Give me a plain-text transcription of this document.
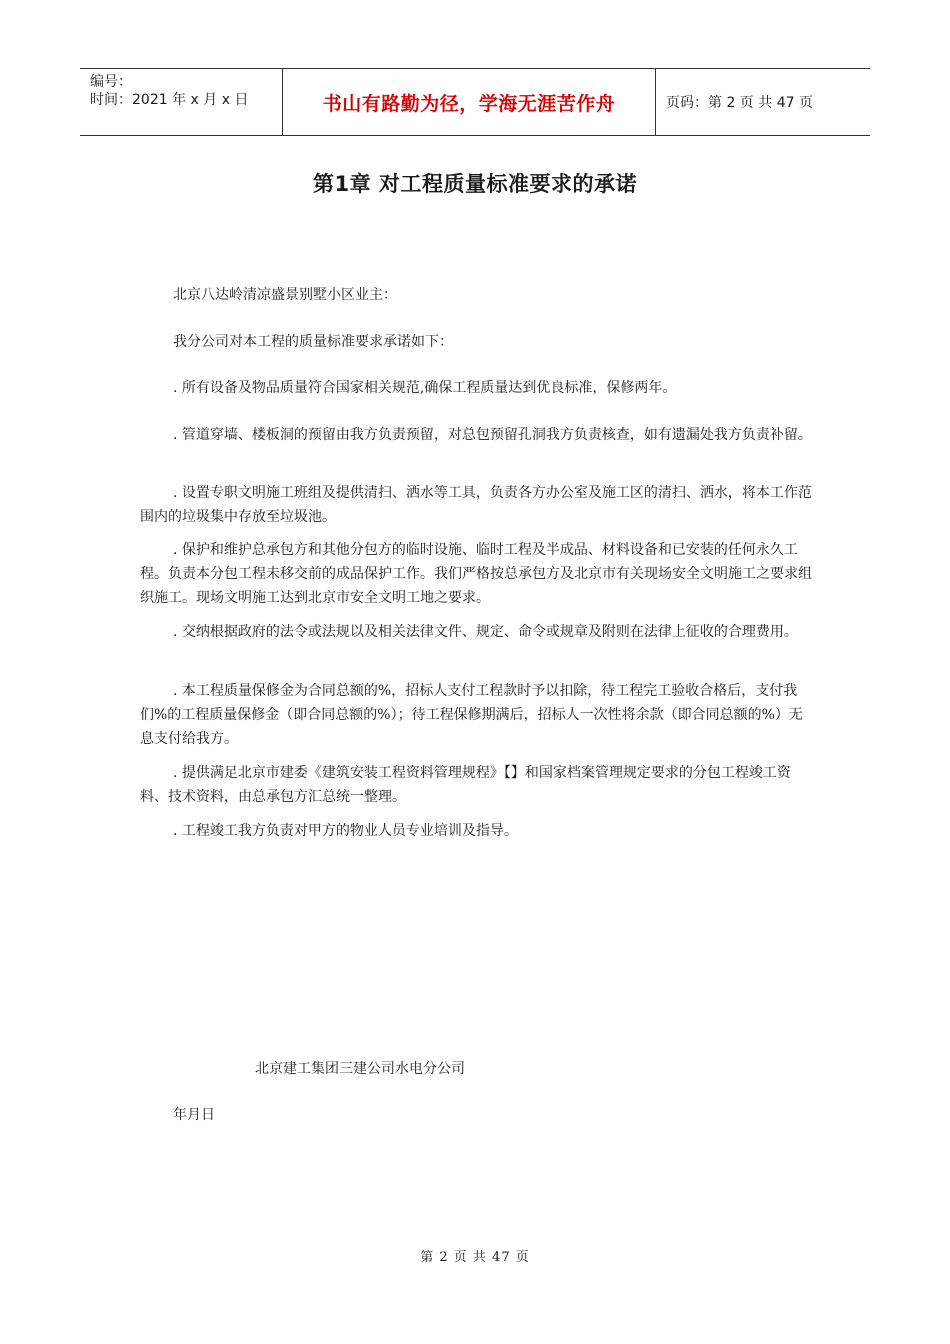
编号：
时间：2021 年 x 月 x 日	书山有路勤为径，学海无涯苦作舟	页码：第 2 页 共 47 页
第1章 对工程质量标准要求的承诺
北京八达岭清凉盛景别墅小区业主：
我分公司对本工程的质量标准要求承诺如下：
. 所有设备及物品质量符合国家相关规范,确保工程质量达到优良标准，保修两年。
. 管道穿墙、楼板洞的预留由我方负责预留，对总包预留孔洞我方负责核查，如有遗漏处我方负责补留。
. 设置专职文明施工班组及提供清扫、洒水等工具，负责各方办公室及施工区的清扫、洒水，将本工作范围内的垃圾集中存放至垃圾池。
. 保护和维护总承包方和其他分包方的临时设施、临时工程及半成品、材料设备和已安装的任何永久工程。负责本分包工程未移交前的成品保护工作。我们严格按总承包方及北京市有关现场安全文明施工之要求组织施工。现场文明施工达到北京市安全文明工地之要求。
. 交纳根据政府的法令或法规以及相关法律文件、规定、命令或规章及附则在法律上征收的合理费用。
. 本工程质量保修金为合同总额的%，招标人支付工程款时予以扣除，待工程完工验收合格后，支付我们%的工程质量保修金（即合同总额的%）；待工程保修期满后，招标人一次性将余款（即合同总额的%）无息支付给我方。
. 提供满足北京市建委《建筑安装工程资料管理规程》【】和国家档案管理规定要求的分包工程竣工资料、技术资料，由总承包方汇总统一整理。
. 工程竣工我方负责对甲方的物业人员专业培训及指导。
北京建工集团三建公司水电分公司
年月日
第 2 页 共 47 页
